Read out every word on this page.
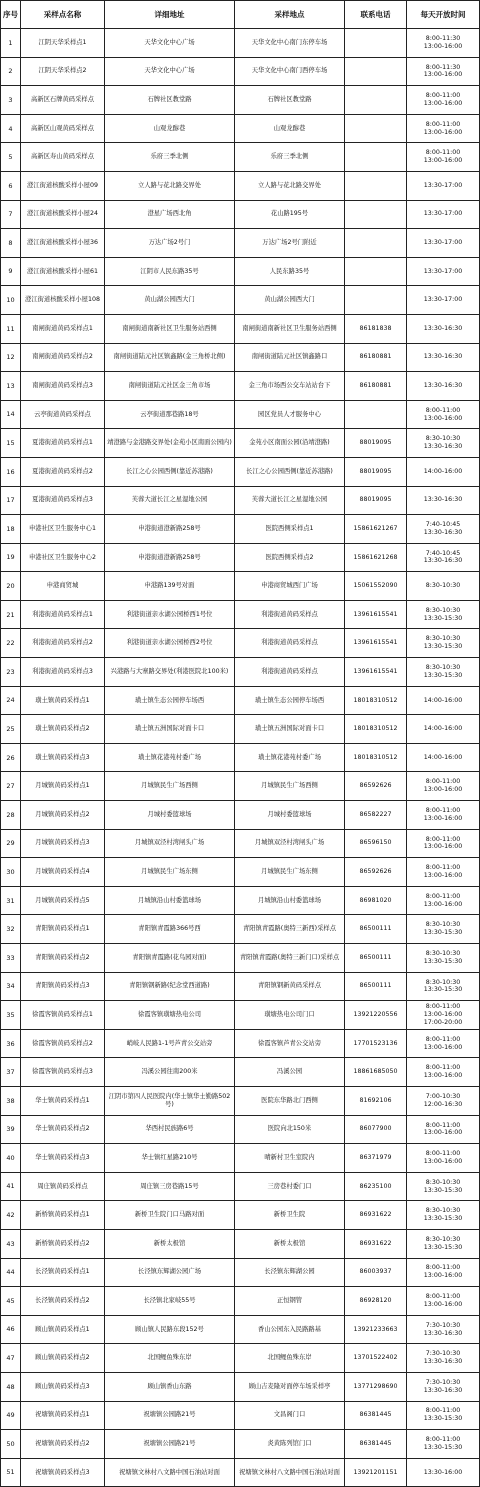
序号	采样点名称	详细地址	采样地点	联系电话	每天开放时间
1	江阴天华采样点1	天华文化中心广场	天华文化中心南门东停车场		8:00-11:30
13:00-16:00
2	江阴天华采样点2	天华文化中心广场	天华文化中心南门西停车场		8:00-11:30
13:00-16:00
3	高新区石牌黄码采样点	石牌社区教堂路	石牌社区教堂路		8:00-11:00
13:00-16:00
4	高新区山观黄码采样点	山观龙醇巷	山观龙醇巷		8:00-11:00
13:00-16:00
5	高新区寿山黄码采样点	乐府三季北侧	乐府三季北侧		8:00-11:00
13:00-16:00
6	澄江街道核酸采样小屋09	立人路与花北路交界处	立人路与花北路交界处		13:30-17:00
7	澄江街道核酸采样小屋24	澄星广场西北角	花山路195号		13:30-17:00
8	澄江街道核酸采样小屋36	万达广场2号门	万达广场2号门附近		13:30-17:00
9	澄江街道核酸采样小屋61	江阴市人民东路35号	人民东路35号		13:30-17:00
10	澄江街道核酸采样小屋108	黄山湖公园西大门	黄山湖公园西大门		13:30-17:00
11	南闸街道黄码采样点1	南闸街道南新社区卫生服务站西侧	南闸街道南新社区卫生服务站西侧	86181838	13:30-16:30
12	南闸街道黄码采样点2	南闸街道陆元社区镇鑫路(金三角桥北侧)	南闸街道陆元社区镇鑫路口	86180881	13:30-16:30
13	南闸街道黄码采样点3	南闸街道陆元社区金三角市场	金三角市场西公交车站站台下	86180881	13:30-16:30
14	云亭街道黄码采样点	云亭街道那巷路18号	园区党员人才服务中心		8:00-11:00
13:00-16:00
15	夏港街道黄码采样点1	靖澄路与金港路交界处(金苑小区南面公园内)	金苑小区南面公园(沿靖澄路)	88019095	8:30-10:30
13:30-16:30
16	夏港街道黄码采样点2	长江之心公园西侧(靠近苏港路)	长江之心公园西侧(靠近苏港路)	88019095	14:00-16:00
17	夏港街道黄码采样点3	芙蓉大道长江之星湿地公园	芙蓉大道长江之星湿地公园	88019095	13:30-16:30
18	申港社区卫生服务中心1	申港街道澄新路258号	医院西侧采样点1	15861621267	7:40-10:45
13:30-16:30
19	申港社区卫生服务中心2	申港街道澄新路258号	医院西侧采样点2	15861621268	7:40-10:45
13:30-16:30
20	申港商贸城	申港路139号对面	申港商贸城西门广场	15061552090	8:30-10:30
21	利港街道黄码采样点1	利港街道亲水湖公园桥西1号位	利港街道黄码采样点	13961615541	8:30-10:30
13:30-15:30
22	利港街道黄码采样点2	利港街道亲水湖公园桥西2号位	利港街道黄码采样点	13961615541	8:30-10:30
13:30-15:30
23	利港街道黄码采样点3	兴港路与大寨路交界处(利港医院北100米)	利港街道黄码采样点	13961615541	8:30-10:30
13:30-15:30
24	璜土镇黄码采样点1	璜土镇生态公园停车场西	璜土镇生态公园停车场西	18018310512	14:00-16:00
25	璜土镇黄码采样点2	璜土镇五洲国际对面卡口	璜土镇五洲国际对面卡口	18018310512	14:00-16:00
26	璜土镇黄码采样点3	璜土镇花港苑村委广场	璜土镇花港苑村委广场	18018310512	14:00-16:00
27	月城镇黄码采样点1	月城镇民生广场西侧	月城镇民生广场西侧	86592626	8:00-11:00
13:00-16:00
28	月城镇黄码采样点2	月城村委篮球场	月城村委篮球场	86582227	8:00-11:00
13:00-16:00
29	月城镇黄码采样点3	月城镇双泾村湾闸头广场	月城镇双泾村湾闸头广场	86596150	8:00-11:00
13:00-16:00
30	月城镇黄码采样点4	月城镇民生广场东侧	月城镇民生广场东侧	86592626	8:00-11:00
13:00-16:00
31	月城镇黄码采样点5	月城镇沿山村委篮球场	月城镇沿山村委篮球场	86981020	8:00-11:00
13:00-16:00
32	青阳镇黄码采样点1	青阳镇青霞路366号西	青阳镇青霞路(奥特三新西)采样点	86500111	8:30-10:30
13:30-15:30
33	青阳镇黄码采样点2	青阳镇青霞路(花鸟园对面)	青阳镇青霞路(奥特三新门口)采样点	86500111	8:30-10:30
13:30-15:30
34	青阳镇黄码采样点3	青阳镇钢新路(纪念堂西道路)	青阳镇钢新黄码采样点	86500111	8:30-10:30
13:30-15:30
35	徐霞客镇黄码采样点1	徐霞客镇璜塘热电公司	璜塘热电公司门口	13921220556	8:00-11:00
13:00-16:00
17:00-20:00
36	徐霞客镇黄码采样点2	峭岐人民路1-1号芦青公交站旁	徐霞客镇芦青公交站旁	17701523136	8:00-11:00
13:00-16:00
37	徐霞客镇黄码采样点3	冯溪公园往南200米	冯溪公园	18861685050	8:00-11:00
13:00-16:00
38	华士镇黄码采样点1	江阴市第四人民医院内(华士镇华士勤路502号)	医院东华路北门西侧	81692106	7:00-10:30
12:00-16:30
39	华士镇黄码采样点2	华西村民族路6号	医院向北150米	86077900	8:00-11:00
13:00-16:00
40	华士镇黄码采样点3	华士镇红星路210号	晴新村卫生室院内	86371979	8:00-11:00
13:00-16:00
41	周庄镇黄码采样点	周庄镇三房巷路15号	三房巷村委门口	86235100	8:30-10:30
13:30-15:30
42	新桥镇黄码采样点1	新桥卫生院门口马路对面	新桥卫生院	86931622	8:30-10:30
13:30-15:30
43	新桥镇黄码采样点2	新桥太极馆	新桥太极馆	86931622	8:30-10:30
13:30-15:30
44	长泾镇黄码采样点1	长泾镇东辉湖公园广场	长泾镇东辉湖公园	86003937	8:00-11:00
13:00-16:00
45	长泾镇黄码采样点2	长泾镇北家岐55号	正恒钢管	86928120	8:00-11:00
13:00-16:00
46	顾山镇黄码采样点1	顾山镇人民路东段152号	香山公园东入民路路基	13921233663	7:30-10:30
13:30-16:30
47	顾山镇黄码采样点2	北国鲤鱼殊东岸	北国鲤鱼殊东岸	13701522402	7:30-10:30
13:30-16:30
48	顾山镇黄码采样点3	顾山镇香山东路	顾山吉麦隆对面停车场采样亭	13771298690	7:30-10:30
13:30-16:30
49	祝塘镇黄码采样点1	祝塘镇公园路21号	文昌阁门口	86381445	8:00-11:00
13:30-15:30
50	祝塘镇黄码采样点2	祝塘镇公园路21号	炎黄陈列馆门口	86381445	8:00-11:00
13:30-15:30
51	祝塘镇黄码采样点3	祝塘镇文林村八文路中国石油站对面	祝塘镇文林村八文路中国石油站对面	13921201151	13:30-16:00
